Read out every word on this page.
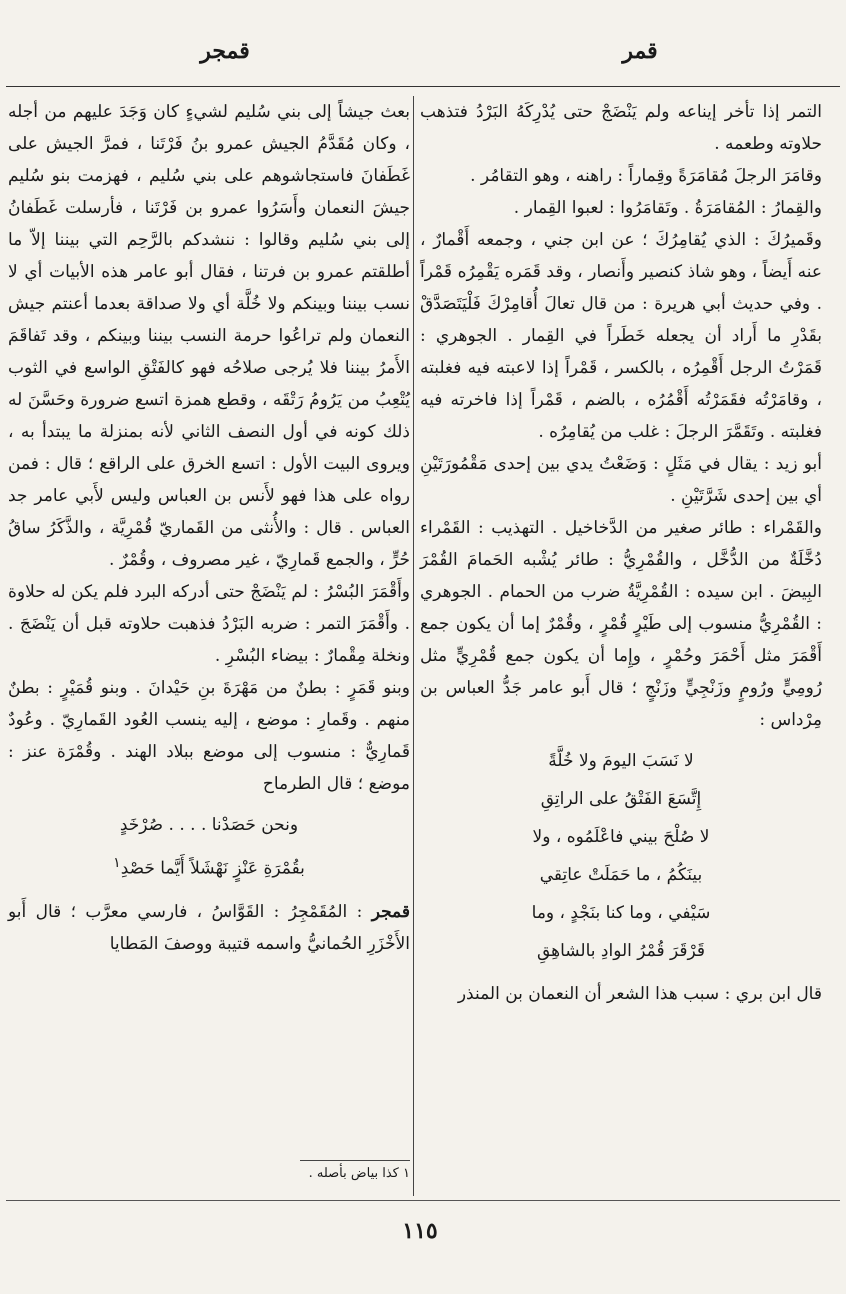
قمر
قمجر

التمر إذا تأخر إيناعه ولم يَنْضَجْ حتى يُدْرِكَهُ البَرْدُ فتذهب حلاوته وطعمه .

وقامَرَ الرجلَ مُقامَرَةً وقِماراً : راهنه ، وهو التقامُر .

والقِمارُ : المُقامَرَةُ . وتَقامَرُوا : لعبوا القِمار .

وقَميرُكَ : الذي يُقامِرُكَ ؛ عن ابن جني ، وجمعه أَقْمارٌ ، عنه أَيضاً ، وهو شاذ كنصير وأَنصار ، وقد قَمَره يَقْمِرُه قَمْراً . وفي حديث أبي هريرة : من قال تعالَ أُقامِرْكَ فَلْيَتَصَدَّقْ بقَدْرِ ما أَراد أن يجعله خَطَراً في القِمار . الجوهري : قَمَرْتُ الرجل أَقْمِرُه ، بالكسر ، قَمْراً إذا لاعبته فيه فغلبته ، وقامَرْتُه فقَمَرْتُه أَقْمُرُه ، بالضم ، قَمْراً إذا فاخرته فيه فغلبته . وتَقَمَّرَ الرجلَ : غلب من يُقامِرُه .

أبو زيد : يقال في مَثَلٍ : وَضَعْتُ يدي بين إحدى مَقْمُورَتَيْنِ أي بين إحدى شَرَّتَيْنِ .

والقَمْراء : طائر صغير من الدَّخاخيل . التهذيب : القَمْراء دُخَّلَةٌ من الدُّخَّل ، والقُمْرِيُّ : طائر يُشْبه الحَمامَ القُمْرَ البِيضَ . ابن سيده : القُمْرِيَّةُ ضرب من الحمام . الجوهري : القُمْرِيُّ منسوب إلى طَيْرٍ قُمْرٍ ، وقُمْرٌ إما أن يكون جمع أَقْمَرَ مثل أَحْمَرَ وحُمْرٍ ، وإِما أن يكون جمع قُمْرِيٍّ مثل رُومِيٍّ ورُومٍ وزَنْجِيٍّ وزَنْجٍ ؛ قال أَبو عامر جَدُّ العباس بن مِرْداس :

لا نَسَبَ اليومَ ولا خُلَّةً

إِتَّسَعَ الفَتْقُ على الراتِقِ

لا صُلْحَ بيني فاعْلَمُوه ، ولا

بينَكُمُ ، ما حَمَلَتْ عاتِقي

سَيْفي ، وما كنا بنَجْدٍ ، وما

قَرْقَرَ قُمْرُ الوادِ بالشاهِقِ

قال ابن بري : سبب هذا الشعر أن النعمان بن المنذر

بعث جيشاً إلى بني سُليم لشيءٍ كان وَجَدَ عليهم من أجله ، وكان مُقَدَّمُ الجيش عمرو بنُ فَرْتَنا ، فمرَّ الجيش على غَطَفانَ فاستجاشوهم على بني سُليم ، فهزمت بنو سُليم جيشَ النعمان وأَسَرُوا عمرو بن فَرْتَنا ، فأرسلت غَطَفانُ إلى بني سُليم وقالوا : ننشدكم بالرَّحِم التي بيننا إلاّ ما أطلقتم عمرو بن فرتنا ، فقال أبو عامر هذه الأبيات أي لا نسب بيننا وبينكم ولا خُلَّة أي ولا صداقة بعدما أعنتم جيش النعمان ولم تراعُوا حرمة النسب بيننا وبينكم ، وقد تَفاقَمَ الأَمرُ بيننا فلا يُرجى صلاحُه فهو كالفَتْقِ الواسع في الثوب يُتْعِبُ من يَرُومُ رَتْقَه ، وقطع همزة اتسع ضرورة وحَسَّنَ له ذلك كونه في أول النصف الثاني لأنه بمنزلة ما يبتدأ به ، ويروى البيت الأول : اتسع الخرق على الراقع ؛ قال : فمن رواه على هذا فهو لأَنس بن العباس وليس لأَبي عامر جد العباس . قال : والأُنثى من القَماريّ قُمْرِيَّة ، والذَّكَرُ ساقُ حُرٍّ ، والجمع قَمارِيّ ، غير مصروف ، وقُمْرٌ .

وأَقْمَرَ البُسْرُ : لم يَنْضَجْ حتى أدركه البرد فلم يكن له حلاوة . وأَقْمَرَ التمر : ضربه البَرْدُ فذهبت حلاوته قبل أن يَنْضَجَ . ونخلة مِقْمارٌ : بيضاء البُسْرِ .

وبنو قَمَرٍ : بطنٌ من مَهْرَةَ بنِ حَيْدانَ . وبنو قُمَيْرٍ : بطنٌ منهم . وقَمارِ : موضع ، إليه ينسب العُود القَمارِيّ . وعُودٌ قَمارِيٌّ : منسوب إلى موضع ببلاد الهند . وقُمْرَة عنز : موضع ؛ قال الطرماح

ونحن حَصَدْنا . . . . صُرْخَدٍ

بقُمْرَةِ عَنْزٍ نَهْشَلاً أَيَّما حَصْدِ$^١$

قمجر : المُقَمْجِرُ : القَوَّاسُ ، فارسي معرَّب ؛ قال أَبو الأَخْزَرِ الحُمانيُّ واسمه قتيبة ووصفَ المَطايا

١ كذا بياض بأصله .
١١٥
